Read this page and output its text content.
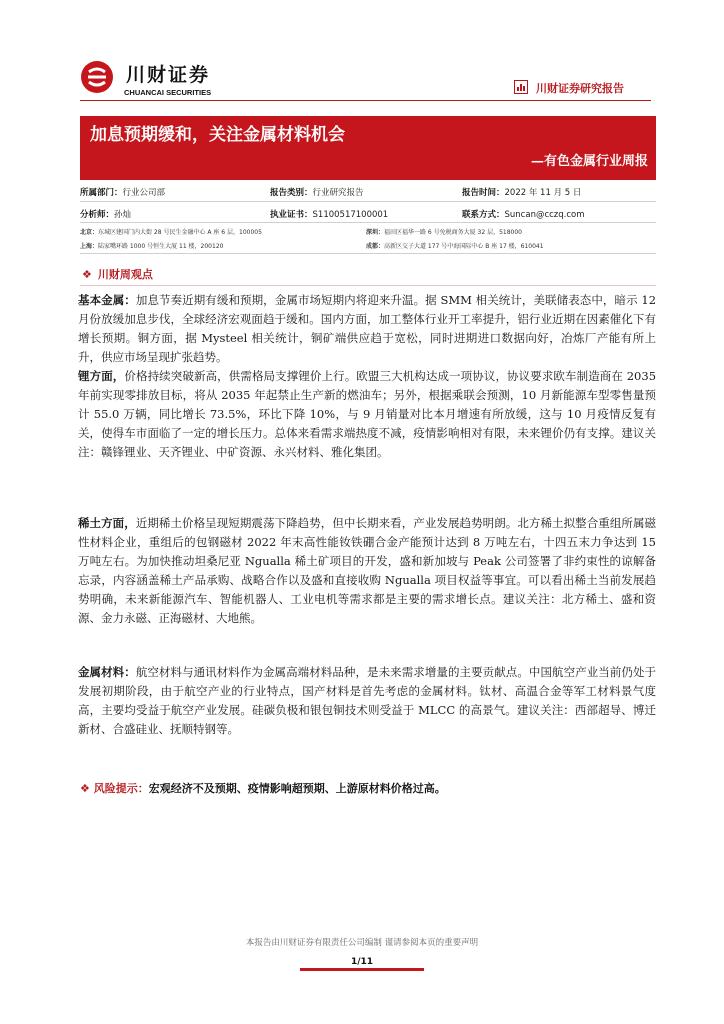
川财证券
CHUANCAI SECURITIES	川财证券研究报告
加息预期缓和，关注金属材料机会
—有色金属行业周报
所属部门：行业公司部	报告类别：行业研究报告	报告时间：2022 年 11 月 5 日
分析师：孙灿	执业证书：S1100517100001	联系方式：Suncan@cczq.com
北京：东城区建国门内大街 28 号民生金融中心 A 座 6 层，100005	深圳：福田区福华一路 6 号免税商务大厦 32 层，518000
上海：陆家嘴环路 1000 号恒生大厦 11 楼，200120	成都：高新区交子大道 177 号中海国际中心 B 座 17 楼，610041
❖ 川财周观点
基本金属：加息节奏近期有缓和预期，金属市场短期内将迎来升温。据 SMM 相关统计，美联储表态中，暗示 12 月份放缓加息步伐，全球经济宏观面趋于缓和。国内方面，加工整体行业开工率提升，铝行业近期在因素催化下有增长预期。铜方面，据 Mysteel 相关统计，铜矿端供应趋于宽松，同时进期进口数据向好，冶炼厂产能有所上升，供应市场呈现扩张趋势。
锂方面，价格持续突破新高，供需格局支撑锂价上行。欧盟三大机构达成一项协议，协议要求欧车制造商在 2035 年前实现零排放目标，将从 2035 年起禁止生产新的燃油车；另外，根据乘联会预测，10 月新能源车型零售量预计 55.0 万辆，同比增长 73.5%，环比下降 10%，与 9 月销量对比本月增速有所放缓，这与 10 月疫情反复有关，使得车市面临了一定的增长压力。总体来看需求端热度不减，疫情影响相对有限，未来锂价仍有支撑。建议关注：赣锋锂业、天齐锂业、中矿资源、永兴材料、雅化集团。
稀土方面，近期稀土价格呈现短期震荡下降趋势，但中长期来看，产业发展趋势明朗。北方稀土拟整合重组所属磁性材料企业，重组后的包钢磁材 2022 年末高性能钕铁硼合金产能预计达到 8 万吨左右，十四五末力争达到 15 万吨左右。为加快推动坦桑尼亚 Ngualla 稀土矿项目的开发，盛和新加坡与 Peak 公司签署了非约束性的谅解备忘录，内容涵盖稀土产品承购、战略合作以及盛和直接收购 Ngualla 项目权益等事宜。可以看出稀土当前发展趋势明确，未来新能源汽车、智能机器人、工业电机等需求都是主要的需求增长点。建议关注：北方稀土、盛和资源、金力永磁、正海磁材、大地熊。
金属材料：航空材料与通讯材料作为金属高端材料品种，是未来需求增量的主要贡献点。中国航空产业当前仍处于发展初期阶段，由于航空产业的行业特点，国产材料是首先考虑的金属材料。钛材、高温合金等军工材料景气度高，主要均受益于航空产业发展。硅碳负极和银包铜技术则受益于 MLCC 的高景气。建议关注：西部超导、博迁新材、合盛硅业、抚顺特钢等。
❖ 风险提示：宏观经济不及预期、疫情影响超预期、上游原材料价格过高。
本报告由川财证券有限责任公司编制 谨请参阅本页的重要声明
1/11
